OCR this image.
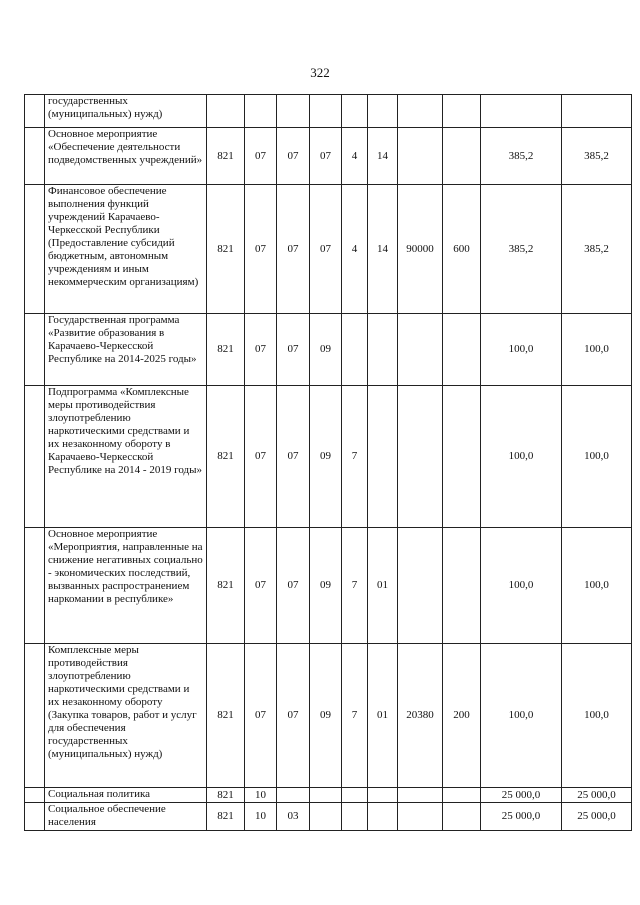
322
	государственных (муниципальных) нужд)										
	Основное мероприятие «Обеспечение деятельности подведомственных учреждений»	821	07	07	07	4	14			385,2	385,2
	Финансовое обеспечение выполнения функций учреждений Карачаево-Черкесской Республики (Предоставление субсидий бюджетным, автономным учреждениям и иным некоммерческим организациям)	821	07	07	07	4	14	90000	600	385,2	385,2
	Государственная программа «Развитие образования в Карачаево-Черкесской Республике на 2014-2025 годы»	821	07	07	09					100,0	100,0
	Подпрограмма «Комплексные меры противодействия злоупотреблению наркотическими средствами и их незаконному обороту в Карачаево-Черкесской Республике на 2014 - 2019 годы»	821	07	07	09	7				100,0	100,0
	Основное мероприятие «Мероприятия, направленные на снижение негативных социально - экономических последствий, вызванных распространением наркомании в республике»	821	07	07	09	7	01			100,0	100,0
	Комплексные меры противодействия злоупотреблению наркотическими средствами и их незаконному обороту (Закупка товаров, работ и услуг для обеспечения государственных (муниципальных) нужд)	821	07	07	09	7	01	20380	200	100,0	100,0
	Социальная политика	821	10							25 000,0	25 000,0
	Социальное обеспечение населения	821	10	03						25 000,0	25 000,0
